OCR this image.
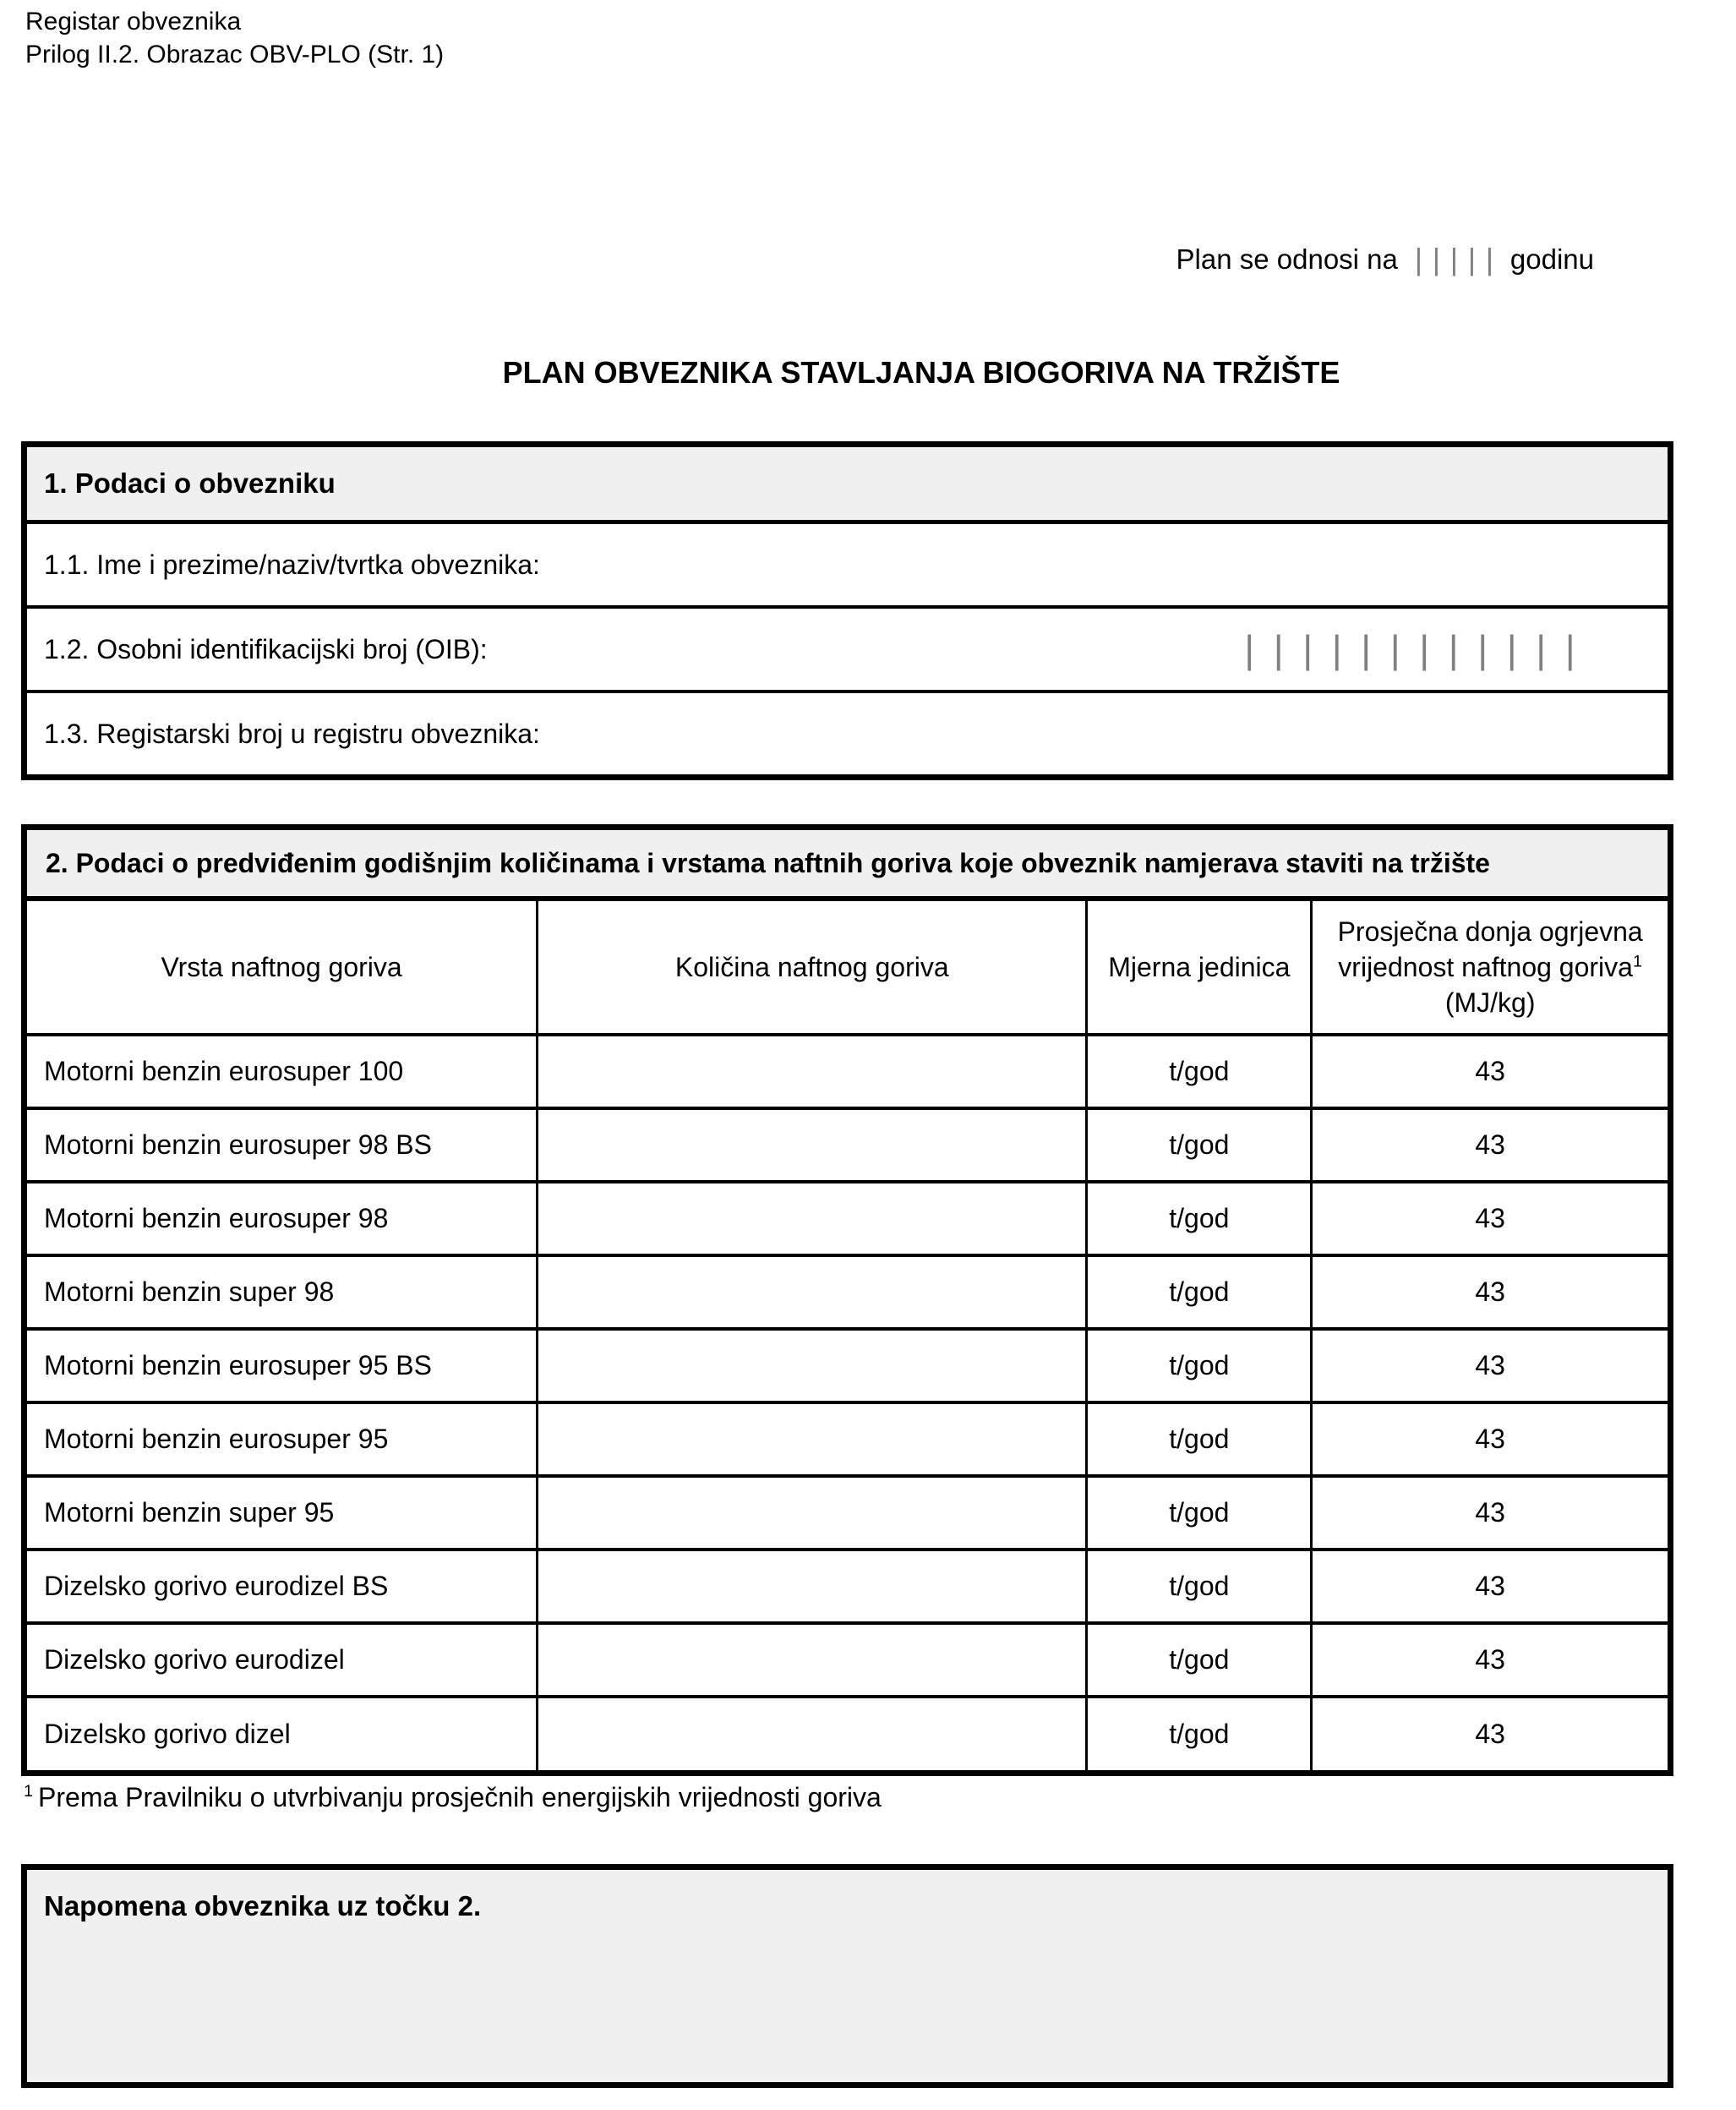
Registar obveznika
Prilog II.2. Obrazac OBV-PLO (Str. 1)
Plan se odnosi na | | | | | godinu
PLAN OBVEZNIKA STAVLJANJA BIOGORIVA NA TRŽIŠTE
1. Podaci o obvezniku
1.1. Ime i prezime/naziv/tvrtka obveznika:
1.2. Osobni identifikacijski broj (OIB):	| | | | | | | | | | | |
1.3. Registarski broj u registru obveznika:
2. Podaci o predviđenim godišnjim količinama i vrstama naftnih goriva koje obveznik namjerava staviti na tržište
Vrsta naftnog goriva	Količina naftnog goriva	Mjerna jedinica	Prosječna donja ogrjevna vrijednost naftnog goriva$^1$ (MJ/kg)
Motorni benzin eurosuper 100		t/god	43
Motorni benzin eurosuper 98 BS		t/god	43
Motorni benzin eurosuper 98		t/god	43
Motorni benzin super 98		t/god	43
Motorni benzin eurosuper 95 BS		t/god	43
Motorni benzin eurosuper 95		t/god	43
Motorni benzin super 95		t/god	43
Dizelsko gorivo eurodizel BS		t/god	43
Dizelsko gorivo eurodizel		t/god	43
Dizelsko gorivo dizel		t/god	43
$^1$ Prema Pravilniku o utvrbivanju prosječnih energijskih vrijednosti goriva
Napomena obveznika uz točku 2.
